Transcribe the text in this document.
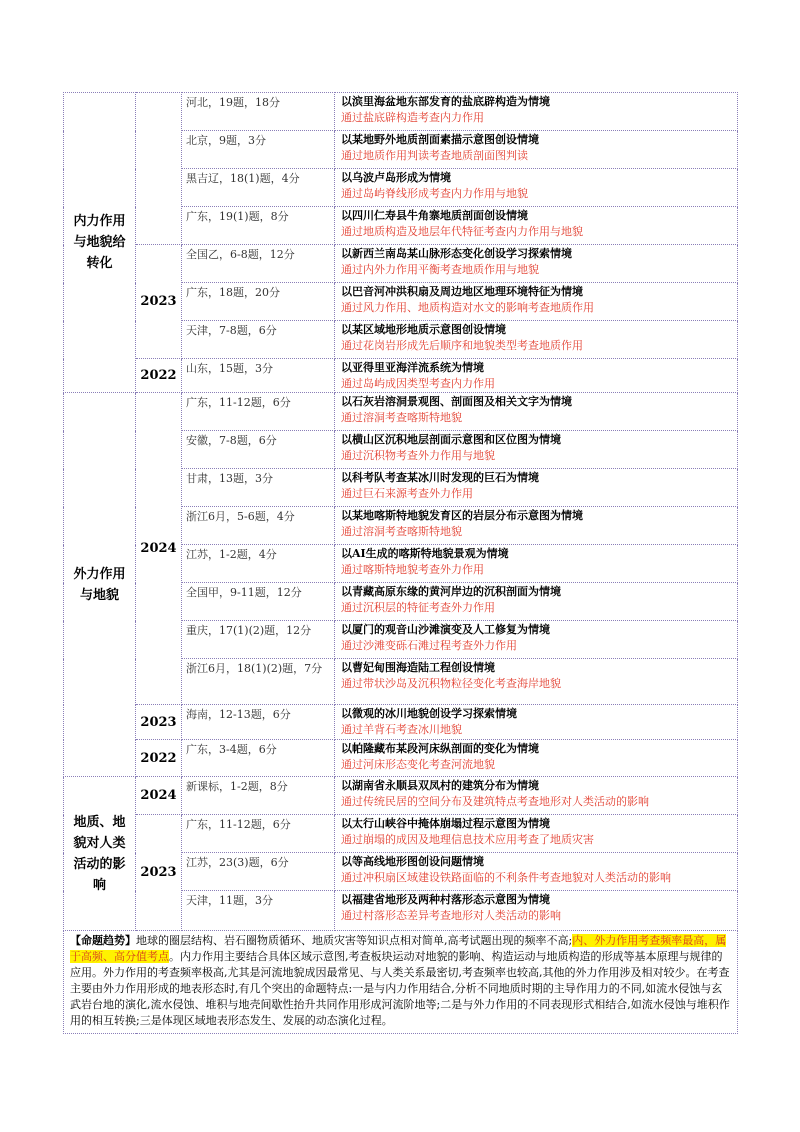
内力作用与地貌给转化		河北，19题，18分	以滨里海盆地东部发育的盐底辟构造为情境
通过盐底辟构造考查内力作用

		北京，9题，3分	以某地野外地质剖面素描示意图创设情境
通过地质作用判读考查地质剖面图判读

		黑吉辽，18(1)题，4分	以乌波卢岛形成为情境
通过岛屿脊线形成考查内力作用与地貌

		广东，19(1)题，8分	以四川仁寿县牛角寨地质剖面创设情境
通过地质构造及地层年代特征考查内力作用与地貌

	2023	全国乙，6-8题，12分	以新西兰南岛某山脉形态变化创设学习探索情境
通过内外力作用平衡考查地质作用与地貌

		广东，18题，20分	以巴音河冲洪积扇及周边地区地理环境特征为情境
通过风力作用、地质构造对水文的影响考查地质作用

		天津，7-8题，6分	以某区域地形地质示意图创设情境
通过花岗岩形成先后顺序和地貌类型考查地质作用

	2022	山东，15题，3分	以亚得里亚海洋流系统为情境
通过岛屿成因类型考查内力作用

外力作用与地貌	2024	广东，11-12题，6分	以石灰岩溶洞景观图、剖面图及相关文字为情境
通过溶洞考查喀斯特地貌

		安徽，7-8题，6分	以横山区沉积地层剖面示意图和区位图为情境
通过沉积物考查外力作用与地貌

		甘肃，13题，3分	以科考队考查某冰川时发现的巨石为情境
通过巨石来源考查外力作用

		浙江6月，5-6题，4分	以某地喀斯特地貌发育区的岩层分布示意图为情境
通过溶洞考查喀斯特地貌

		江苏，1-2题，4分	以AI生成的喀斯特地貌景观为情境
通过喀斯特地貌考查外力作用

		全国甲，9-11题，12分	以青藏高原东缘的黄河岸边的沉积剖面为情境
通过沉积层的特征考查外力作用

		重庆，17(1)(2)题，12分	以厦门的观音山沙滩演变及人工修复为情境
通过沙滩变砾石滩过程考查外力作用

		浙江6月，18(1)(2)题，7分	以曹妃甸围海造陆工程创设情境
通过带状沙岛及沉积物粒径变化考查海岸地貌

	2023	海南，12-13题，6分	以微观的冰川地貌创设学习探索情境
通过羊背石考查冰川地貌

	2022	广东，3-4题，6分	以帕隆藏布某段河床纵剖面的变化为情境
通过河床形态变化考查河流地貌

地质、地貌对人类活动的影响	2024	新课标，1-2题，8分	以湖南省永顺县双凤村的建筑分布为情境
通过传统民居的空间分布及建筑特点考查地形对人类活动的影响

	2023	广东，11-12题，6分	以太行山峡谷中掩体崩塌过程示意图为情境
通过崩塌的成因及地理信息技术应用考查了地质灾害

		江苏，23(3)题，6分	以等高线地形图创设问题情境
通过冲积扇区域建设铁路面临的不利条件考查地貌对人类活动的影响

		天津，11题，3分	以福建省地形及两种村落形态示意图为情境
通过村落形态差异考查地形对人类活动的影响

【命题趋势】地球的圈层结构、岩石圈物质循环、地质灾害等知识点相对简单,高考试题出现的频率不高;内、外力作用考查频率最高，属于高频、高分值考点。内力作用主要结合具体区域示意图,考查板块运动对地貌的影响、构造运动与地质构造的形成等基本原理与规律的应用。外力作用的考查频率极高,尤其是河流地貌成因最常见、与人类关系最密切,考查频率也较高,其他的外力作用涉及相对较少。在考查主要由外力作用形成的地表形态时,有几个突出的命题特点:一是与内力作用结合,分析不同地质时期的主导作用力的不同,如流水侵蚀与玄武岩台地的演化,流水侵蚀、堆积与地壳间歇性抬升共同作用形成河流阶地等;二是与外力作用的不同表现形式相结合,如流水侵蚀与堆积作用的相互转换;三是体现区域地表形态发生、发展的动态演化过程。			
